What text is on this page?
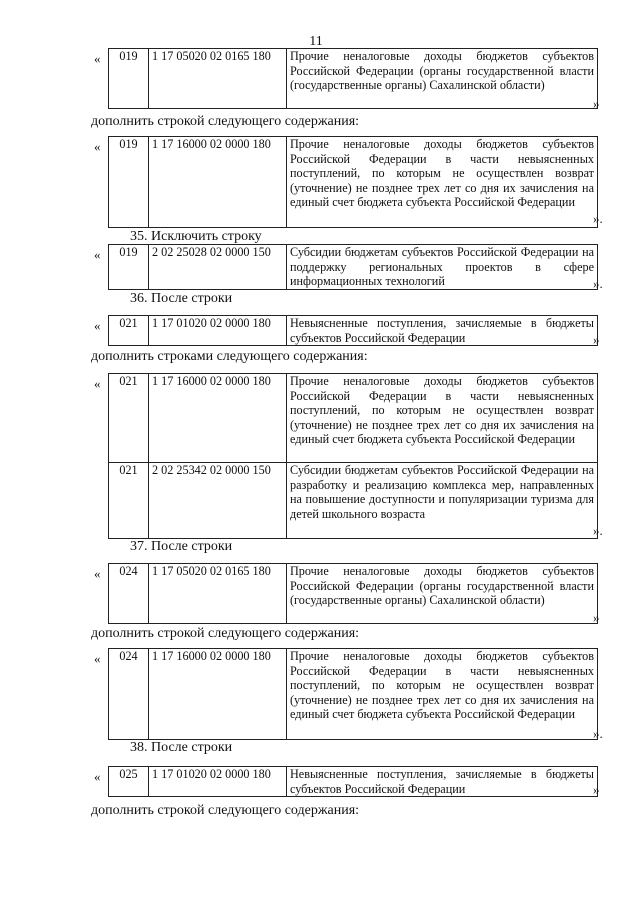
11
« 019	1 17 05020 02 0165 180	Прочие неналоговые доходы бюджетов субъектов Российской Федерации (органы государственной власти (государственные органы) Сахалинской области)
»
дополнить строкой следующего содержания:
« 019	1 17 16000 02 0000 180	Прочие неналоговые доходы бюджетов субъектов Российской Федерации в части невыясненных поступлений, по которым не осуществлен возврат (уточнение) не позднее трех лет со дня их зачисления на единый счет бюджета субъекта Российской Федерации
».
35. Исключить строку
« 019	2 02 25028 02 0000 150	Субсидии бюджетам субъектов Российской Федерации на поддержку региональных проектов в сфере информационных технологий	».
36. После строки
« 021	1 17 01020 02 0000 180	Невыясненные поступления, зачисляемые в бюджеты субъектов Российской Федерации	»
дополнить строками следующего содержания:
« 021	1 17 16000 02 0000 180	Прочие неналоговые доходы бюджетов субъектов Российской Федерации в части невыясненных поступлений, по которым не осуществлен возврат (уточнение) не позднее трех лет со дня их зачисления на единый счет бюджета субъекта Российской Федерации
021	2 02 25342 02 0000 150	Субсидии бюджетам субъектов Российской Федерации на разработку и реализацию комплекса мер, направленных на повышение доступности и популяризации туризма для детей школьного возраста
».
37. После строки
« 024	1 17 05020 02 0165 180	Прочие неналоговые доходы бюджетов субъектов Российской Федерации (органы государственной власти (государственные органы) Сахалинской области)
»
дополнить строкой следующего содержания:
« 024	1 17 16000 02 0000 180	Прочие неналоговые доходы бюджетов субъектов Российской Федерации в части невыясненных поступлений, по которым не осуществлен возврат (уточнение) не позднее трех лет со дня их зачисления на единый счет бюджета субъекта Российской Федерации
».
38. После строки
« 025	1 17 01020 02 0000 180	Невыясненные поступления, зачисляемые в бюджеты субъектов Российской Федерации	»
дополнить строкой следующего содержания:
